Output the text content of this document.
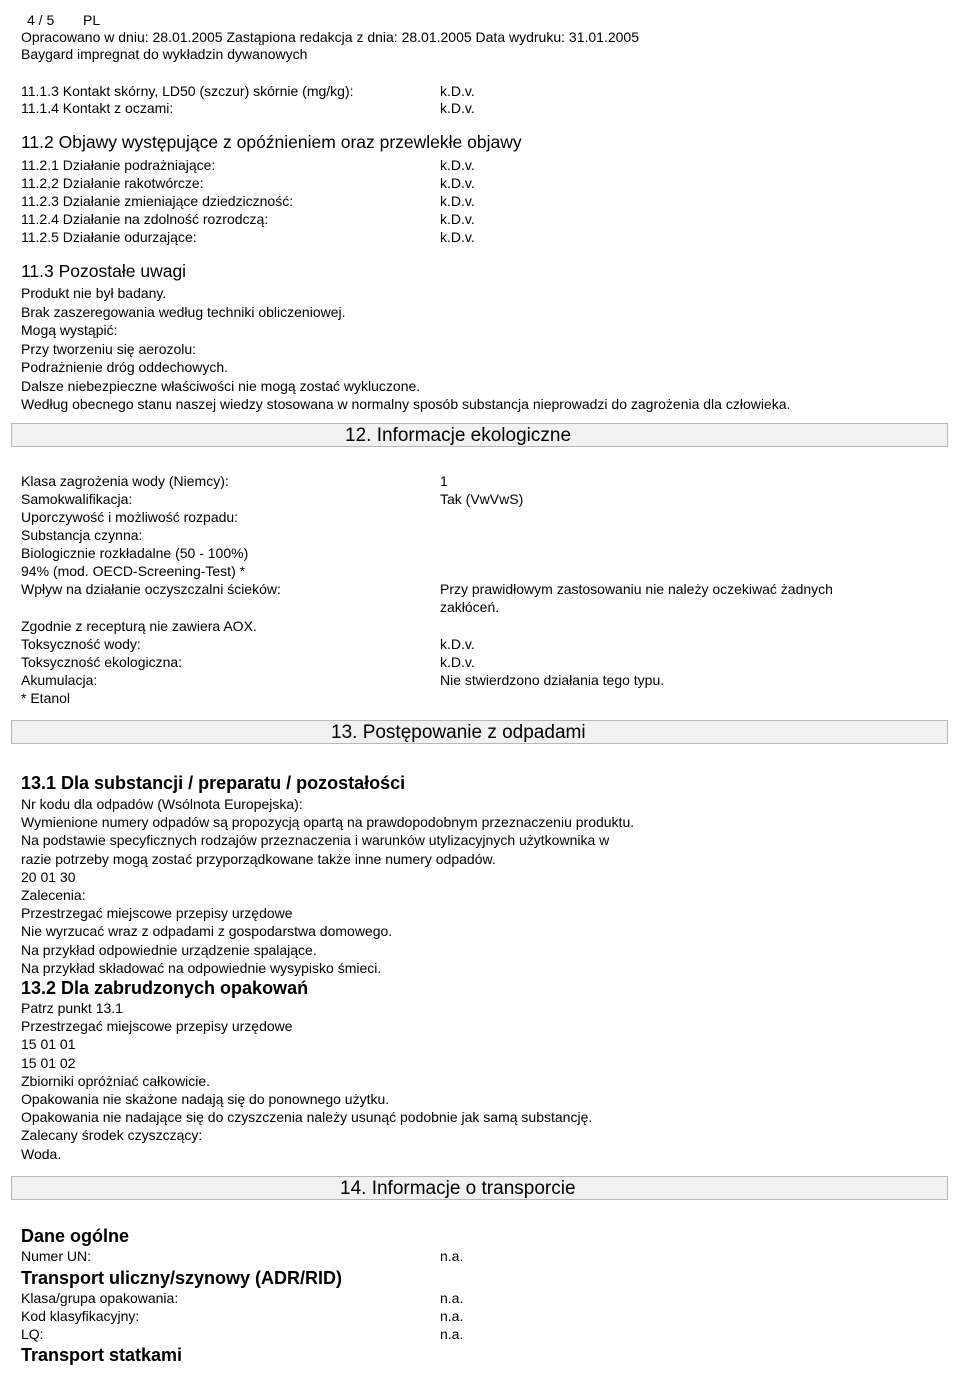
4 / 5 PL
Opracowano w dniu: 28.01.2005 Zastąpiona redakcja z dnia: 28.01.2005 Data wydruku: 31.01.2005
Baygard impregnat do wykładzin dywanowych
11.1.3 Kontakt skórny, LD50 (szczur) skórnie (mg/kg):	k.D.v.
11.1.4 Kontakt z oczami:	k.D.v.
11.2 Objawy występujące z opóźnieniem oraz przewlekłe objawy
11.2.1 Działanie podrażniające:	k.D.v.
11.2.2 Działanie rakotwórcze:	k.D.v.
11.2.3 Działanie zmieniające dziedziczność:	k.D.v.
11.2.4 Działanie na zdolność rozrodczą:	k.D.v.
11.2.5 Działanie odurzające:	k.D.v.
11.3 Pozostałe uwagi
Produkt nie był badany.
Brak zaszeregowania według techniki obliczeniowej.
Mogą wystąpić:
Przy tworzeniu się aerozolu:
Podrażnienie dróg oddechowych.
Dalsze niebezpieczne właściwości nie mogą zostać wykluczone.
Według obecnego stanu naszej wiedzy stosowana w normalny sposób substancja nieprowadzi do zagrożenia dla człowieka.
12. Informacje ekologiczne
Klasa zagrożenia wody (Niemcy):	1
Samokwalifikacja:	Tak (VwVwS)
Uporczywość i możliwość rozpadu:
Substancja czynna:
Biologicznie rozkładalne (50 - 100%)
94% (mod. OECD-Screening-Test) *
Wpływ na działanie oczyszczalni ścieków:	Przy prawidłowym zastosowaniu nie należy oczekiwać żadnych
zakłóceń.
Zgodnie z recepturą nie zawiera AOX.
Toksyczność wody:	k.D.v.
Toksyczność ekologiczna:	k.D.v.
Akumulacja:	Nie stwierdzono działania tego typu.
* Etanol
13. Postępowanie z odpadami
13.1 Dla substancji / preparatu / pozostałości
Nr kodu dla odpadów (Wsólnota Europejska):
Wymienione numery odpadów są propozycją opartą na prawdopodobnym przeznaczeniu produktu.
Na podstawie specyficznych rodzajów przeznaczenia i warunków utylizacyjnych użytkownika w
razie potrzeby mogą zostać przyporządkowane także inne numery odpadów.
20 01 30
Zalecenia:
Przestrzegać miejscowe przepisy urzędowe
Nie wyrzucać wraz z odpadami z gospodarstwa domowego.
Na przykład odpowiednie urządzenie spalające.
Na przykład składować na odpowiednie wysypisko śmieci.
13.2 Dla zabrudzonych opakowań
Patrz punkt 13.1
Przestrzegać miejscowe przepisy urzędowe
15 01 01
15 01 02
Zbiorniki opróżniać całkowicie.
Opakowania nie skażone nadają się do ponownego użytku.
Opakowania nie nadające się do czyszczenia należy usunąć podobnie jak samą substancję.
Zalecany środek czyszczący:
Woda.
14. Informacje o transporcie
Dane ogólne
Numer UN:	n.a.
Transport uliczny/szynowy (ADR/RID)
Klasa/grupa opakowania:	n.a.
Kod klasyfikacyjny:	n.a.
LQ:	n.a.
Transport statkami
